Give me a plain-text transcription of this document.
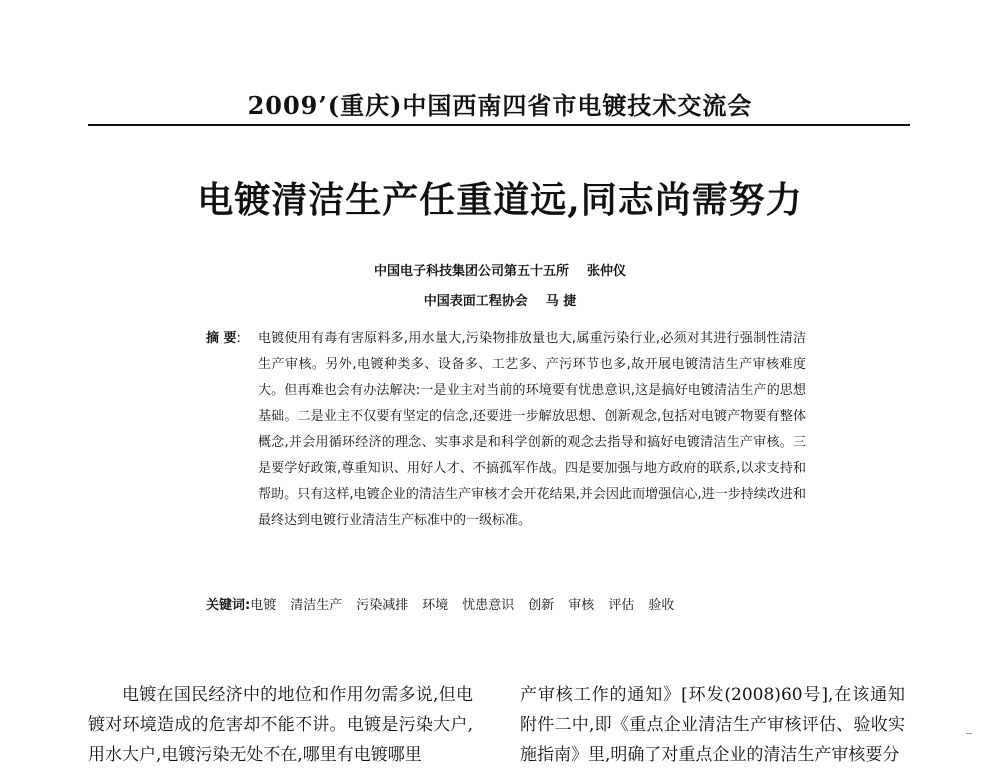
2009’(重庆)中国西南四省市电镀技术交流会
电镀清洁生产任重道远,同志尚需努力
中国电子科技集团公司第五十五所 张仲仪
中国表面工程协会 马 捷
摘 要: 电镀使用有毒有害原料多,用水量大,污染物排放量也大,属重污染行业,必须对其进行强制性清洁生产审核。另外,电镀种类多、设备多、工艺多、产污环节也多,故开展电镀清洁生产审核难度大。但再难也会有办法解决:一是业主对当前的环境要有忧患意识,这是搞好电镀清洁生产的思想基础。二是业主不仅要有坚定的信念,还要进一步解放思想、创新观念,包括对电镀产物要有整体概念,并会用循环经济的理念、实事求是和科学创新的观念去指导和搞好电镀清洁生产审核。三是要学好政策,尊重知识、用好人才、不搞孤军作战。四是要加强与地方政府的联系,以求支持和帮助。只有这样,电镀企业的清洁生产审核才会开花结果,并会因此而增强信心,进一步持续改进和最终达到电镀行业清洁生产标准中的一级标准。
关键词:电镀 清洁生产 污染减排 环境 忧患意识 创新 审核 评估 验收

电镀在国民经济中的地位和作用勿需多说,但电镀对环境造成的危害却不能不讲。电镀是污染大户,用水大户,电镀污染无处不在,哪里有电镀哪里

产审核工作的通知》[环发(2008)60号],在该通知附件二中,即《重点企业清洁生产审核评估、验收实施指南》里,明确了对重点企业的清洁生产审核要分
